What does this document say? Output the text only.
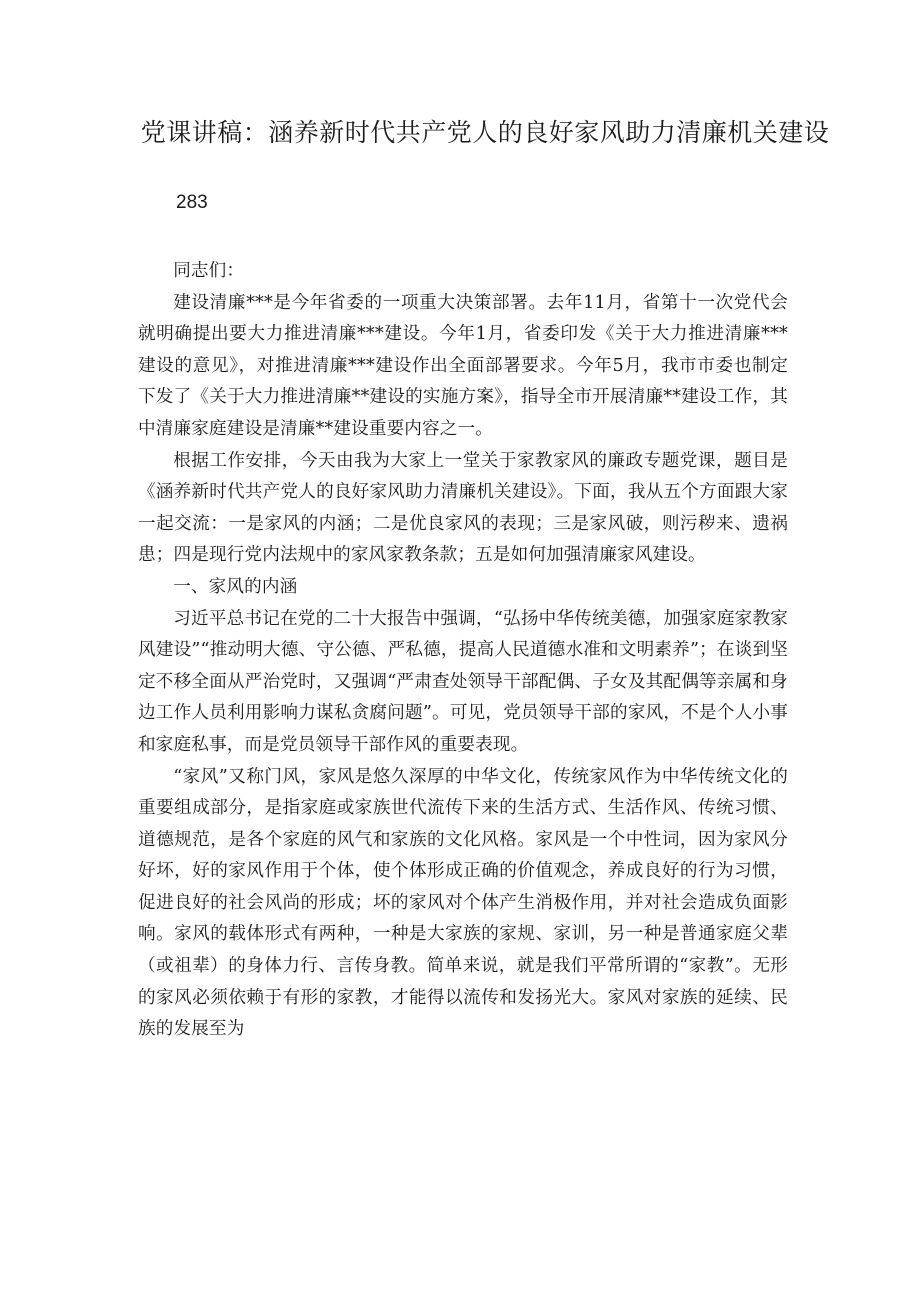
党课讲稿：涵养新时代共产党人的良好家风助力清廉机关建设
283

同志们：

建设清廉***是今年省委的一项重大决策部署。去年11月，省第十一次党代会就明确提出要大力推进清廉***建设。今年1月，省委印发《关于大力推进清廉***建设的意见》，对推进清廉***建设作出全面部署要求。今年5月，我市市委也制定下发了《关于大力推进清廉**建设的实施方案》，指导全市开展清廉**建设工作，其中清廉家庭建设是清廉**建设重要内容之一。

根据工作安排，今天由我为大家上一堂关于家教家风的廉政专题党课，题目是《涵养新时代共产党人的良好家风助力清廉机关建设》。下面，我从五个方面跟大家一起交流：一是家风的内涵；二是优良家风的表现；三是家风破，则污秽来、遗祸患；四是现行党内法规中的家风家教条款；五是如何加强清廉家风建设。

一、家风的内涵

习近平总书记在党的二十大报告中强调，“弘扬中华传统美德，加强家庭家教家风建设”“推动明大德、守公德、严私德，提高人民道德水准和文明素养”；在谈到坚定不移全面从严治党时，又强调“严肃查处领导干部配偶、子女及其配偶等亲属和身边工作人员利用影响力谋私贪腐问题”。可见，党员领导干部的家风，不是个人小事和家庭私事，而是党员领导干部作风的重要表现。

“家风”又称门风，家风是悠久深厚的中华文化，传统家风作为中华传统文化的重要组成部分，是指家庭或家族世代流传下来的生活方式、生活作风、传统习惯、道德规范，是各个家庭的风气和家族的文化风格。家风是一个中性词，因为家风分好坏，好的家风作用于个体，使个体形成正确的价值观念，养成良好的行为习惯，促进良好的社会风尚的形成；坏的家风对个体产生消极作用，并对社会造成负面影响。家风的载体形式有两种，一种是大家族的家规、家训，另一种是普通家庭父辈（或祖辈）的身体力行、言传身教。简单来说，就是我们平常所谓的“家教”。无形的家风必须依赖于有形的家教，才能得以流传和发扬光大。家风对家族的延续、民族的发展至为
